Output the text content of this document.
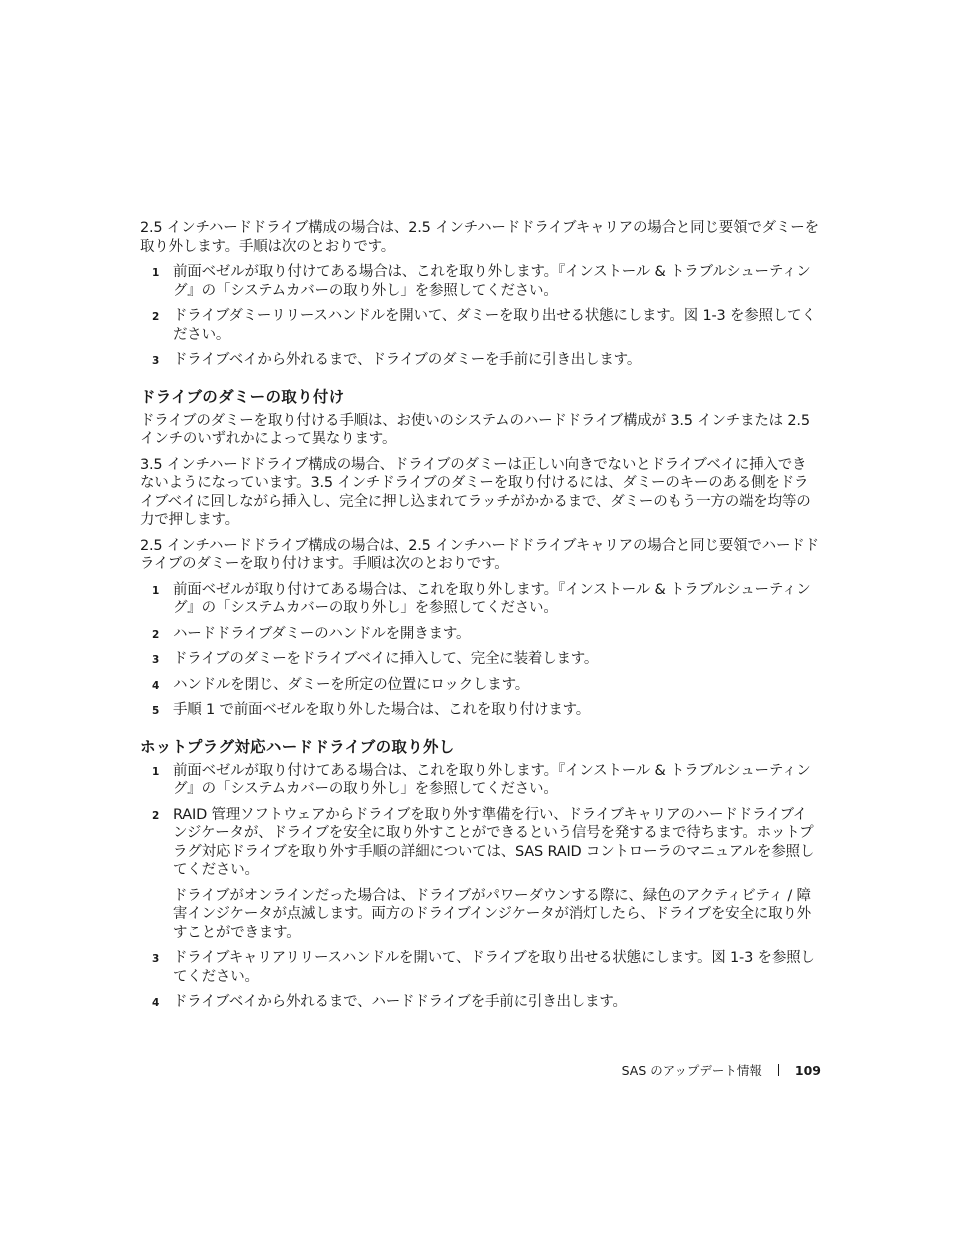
2.5 インチハードドライブ構成の場合は、2.5 インチハードドライブキャリアの場合と同じ要領でダミーを取り外します。手順は次のとおりです。

1 前面ベゼルが取り付けてある場合は、これを取り外します。『インストール & トラブルシューティング』の「システムカバーの取り外し」を参照してください。
2 ドライブダミーリリースハンドルを開いて、ダミーを取り出せる状態にします。図 1-3 を参照してください。
3 ドライブベイから外れるまで、ドライブのダミーを手前に引き出します。
ドライブのダミーの取り付け

ドライブのダミーを取り付ける手順は、お使いのシステムのハードドライブ構成が 3.5 インチまたは 2.5 インチのいずれかによって異なります。

3.5 インチハードドライブ構成の場合、ドライブのダミーは正しい向きでないとドライブベイに挿入できないようになっています。3.5 インチドライブのダミーを取り付けるには、ダミーのキーのある側をドライブベイに回しながら挿入し、完全に押し込まれてラッチがかかるまで、ダミーのもう一方の端を均等の力で押します。

2.5 インチハードドライブ構成の場合は、2.5 インチハードドライブキャリアの場合と同じ要領でハードドライブのダミーを取り付けます。手順は次のとおりです。

1 前面ベゼルが取り付けてある場合は、これを取り外します。『インストール & トラブルシューティング』の「システムカバーの取り外し」を参照してください。
2 ハードドライブダミーのハンドルを開きます。
3 ドライブのダミーをドライブベイに挿入して、完全に装着します。
4 ハンドルを閉じ、ダミーを所定の位置にロックします。
5 手順 1 で前面ベゼルを取り外した場合は、これを取り付けます。
ホットプラグ対応ハードドライブの取り外し
1 前面ベゼルが取り付けてある場合は、これを取り外します。『インストール & トラブルシューティング』の「システムカバーの取り外し」を参照してください。
2 RAID 管理ソフトウェアからドライブを取り外す準備を行い、ドライブキャリアのハードドライブインジケータが、ドライブを安全に取り外すことができるという信号を発するまで待ちます。ホットプラグ対応ドライブを取り外す手順の詳細については、SAS RAID コントローラのマニュアルを参照してください。
ドライブがオンラインだった場合は、ドライブがパワーダウンする際に、緑色のアクティビティ / 障害インジケータが点滅します。両方のドライブインジケータが消灯したら、ドライブを安全に取り外すことができます。
3 ドライブキャリアリリースハンドルを開いて、ドライブを取り出せる状態にします。図 1-3 を参照してください。
4 ドライブベイから外れるまで、ハードドライブを手前に引き出します。
SAS のアップデート情報	109
